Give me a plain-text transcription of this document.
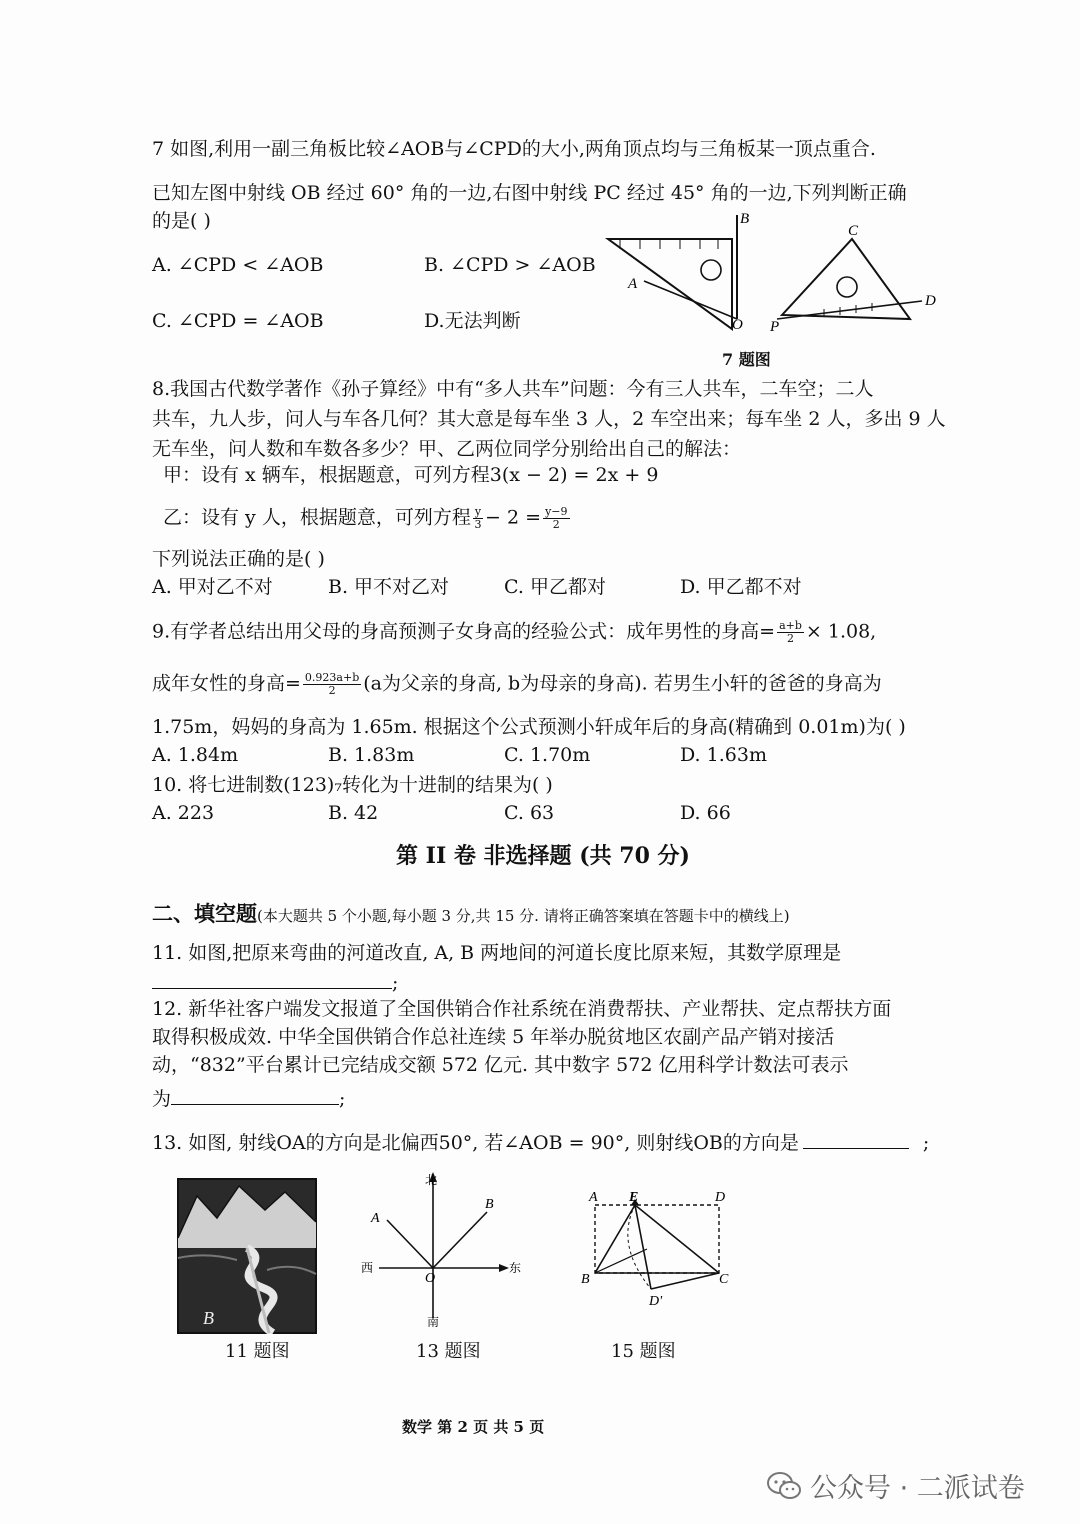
7 如图,利用一副三角板比较∠AOB与∠CPD的大小,两角顶点均与三角板某一顶点重合.
已知左图中射线 OB 经过 60° 角的一边,右图中射线 PC 经过 45° 角的一边,下列判断正确
的是( )
A. ∠CPD < ∠AOB	B. ∠CPD > ∠AOB
C. ∠CPD = ∠AOB	D.无法判断
B
A
O
C
D
P
7 题图
8.我国古代数学著作《孙子算经》中有“多人共车”问题：今有三人共车，二车空；二人
共车，九人步，问人与车各几何？其大意是每车坐 3 人，2 车空出来；每车坐 2 人，多出 9 人
无车坐，问人数和车数各多少？甲、乙两位同学分别给出自己的解法：
甲：设有 x 辆车，根据题意，可列方程3(x − 2) = 2x + 9
乙：设有 y 人，根据题意，可列方程 $\frac{y}{3} - 2 = \frac{y-9}{2}$
下列说法正确的是( )
A. 甲对乙不对	B. 甲不对乙对	C. 甲乙都对	D. 甲乙都不对
9.有学者总结出用父母的身高预测子女身高的经验公式：成年男性的身高= $\frac{a+b}{2} \times 1.08$,
成年女性的身高= $\frac{0.923a+b}{2} (a$为父亲的身高, b为母亲的身高). 若男生小轩的爸爸的身高为
1.75m，妈妈的身高为 1.65m. 根据这个公式预测小轩成年后的身高(精确到 0.01m)为( )
A. 1.84m	B. 1.83m	C. 1.70m	D. 1.63m
10. 将七进制数(123)₇转化为十进制的结果为( )
A. 223	B. 42	C. 63	D. 66
第 II 卷 非选择题 (共 70 分)
二、填空题(本大题共 5 个小题,每小题 3 分,共 15 分. 请将正确答案填在答题卡中的横线上)
11. 如图,把原来弯曲的河道改直, A, B 两地间的河道长度比原来短，其数学原理是
;
12. 新华社客户端发文报道了全国供销合作社系统在消费帮扶、产业帮扶、定点帮扶方面
取得积极成效. 中华全国供销合作总社连续 5 年举办脱贫地区农副产品产销对接活
动，“832”平台累计已完结成交额 572 亿元. 其中数字 572 亿用科学计数法可表示
为	;
13. 如图, 射线OA的方向是北偏西50°, 若∠AOB = 90°, 则射线OB的方向是	;
B
11 题图
北
南
西	东
A
B
O
13 题图
A E	D
B	C
D'
15 题图
数学 第 2 页 共 5 页
公众号 · 二派试卷
